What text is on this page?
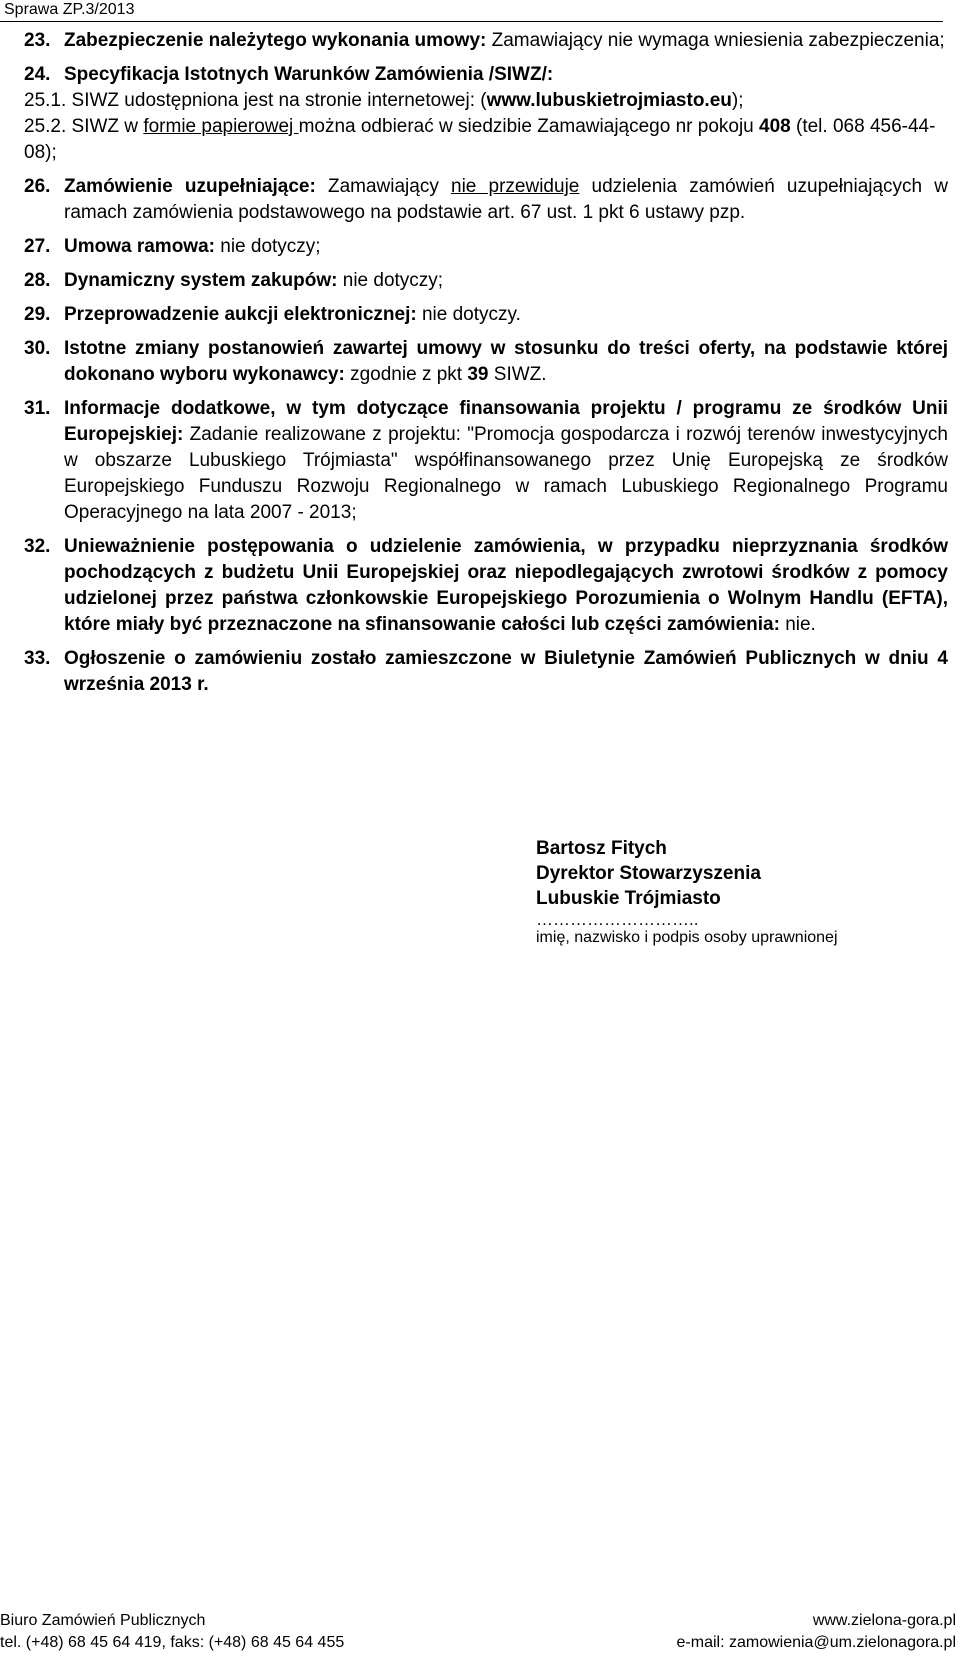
Sprawa ZP.3/2013
23. Zabezpieczenie należytego wykonania umowy: Zamawiający nie wymaga wniesienia zabezpieczenia;
24. Specyfikacja Istotnych Warunków Zamówienia /SIWZ/:
25.1. SIWZ udostępniona jest na stronie internetowej: (www.lubuskietrojmiasto.eu);
25.2. SIWZ w formie papierowej można odbierać w siedzibie Zamawiającego nr pokoju 408 (tel. 068 456-44-08);
26. Zamówienie uzupełniające: Zamawiający nie przewiduje udzielenia zamówień uzupełniających w ramach zamówienia podstawowego na podstawie art. 67 ust. 1 pkt 6 ustawy pzp.
27. Umowa ramowa: nie dotyczy;
28. Dynamiczny system zakupów: nie dotyczy;
29. Przeprowadzenie aukcji elektronicznej: nie dotyczy.
30. Istotne zmiany postanowień zawartej umowy w stosunku do treści oferty, na podstawie której dokonano wyboru wykonawcy: zgodnie z pkt 39 SIWZ.
31. Informacje dodatkowe, w tym dotyczące finansowania projektu / programu ze środków Unii Europejskiej: Zadanie realizowane z projektu: "Promocja gospodarcza i rozwój terenów inwestycyjnych w obszarze Lubuskiego Trójmiasta" współfinansowanego przez Unię Europejską ze środków Europejskiego Funduszu Rozwoju Regionalnego w ramach Lubuskiego Regionalnego Programu Operacyjnego na lata 2007 - 2013;
32. Unieważnienie postępowania o udzielenie zamówienia, w przypadku nieprzyznania środków pochodzących z budżetu Unii Europejskiej oraz niepodlegających zwrotowi środków z pomocy udzielonej przez państwa członkowskie Europejskiego Porozumienia o Wolnym Handlu (EFTA), które miały być przeznaczone na sfinansowanie całości lub części zamówienia: nie.
33. Ogłoszenie o zamówieniu zostało zamieszczone w Biuletynie Zamówień Publicznych w dniu 4 września 2013 r.
Bartosz Fitych
Dyrektor Stowarzyszenia
Lubuskie Trójmiasto
………………………..
imię, nazwisko i podpis osoby uprawnionej
Biuro Zamówień Publicznych	www.zielona-gora.pl
tel. (+48) 68 45 64 419, faks: (+48) 68 45 64 455	e-mail: zamowienia@um.zielonagora.pl
